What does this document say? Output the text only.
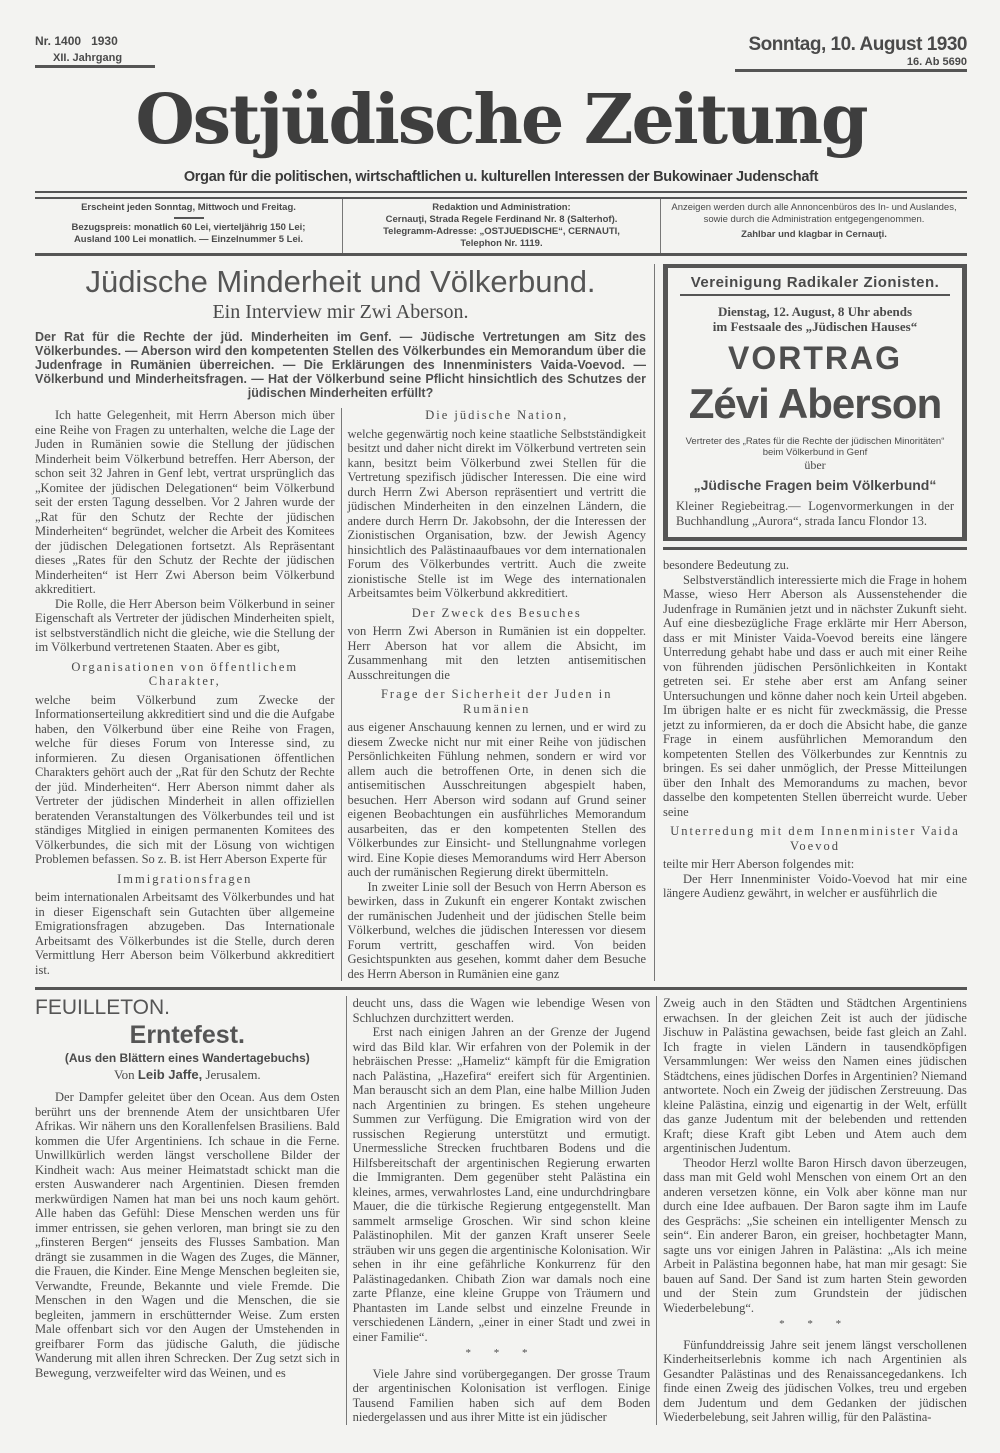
Nr. 1400 1930
XII. Jahrgang
Sonntag, 10. August 1930
16. Ab 5690
Ostjüdische Zeitung
Organ für die politischen, wirtschaftlichen u. kulturellen Interessen der Bukowinaer Judenschaft
Erscheint jeden Sonntag, Mittwoch und Freitag.
Bezugspreis: monatlich 60 Lei, vierteljährig 150 Lei;
Ausland 100 Lei monatlich. — Einzelnummer 5 Lei.
Redaktion und Administration:
Cernauţi, Strada Regele Ferdinand Nr. 8 (Salterhof).
Telegramm-Adresse: „OSTJUEDISCHE“, CERNAUTI,
Telephon Nr. 1119.
Anzeigen werden durch alle Annoncenbüros des In- und Auslandes, sowie durch die Administration entgegengenommen.
Zahlbar und klagbar in Cernauţi.
Jüdische Minderheit und Völkerbund.
Ein Interview mir Zwi Aberson.
Der Rat für die Rechte der jüd. Minderheiten im Genf. — Jüdische Vertretungen am Sitz des Völkerbundes. — Aberson wird den kompetenten Stellen des Völkerbundes ein Memorandum über die Judenfrage in Rumänien überreichen. — Die Erklärungen des Innenministers Vaida-Voevod. — Völkerbund und Minderheitsfragen. — Hat der Völkerbund seine Pflicht hinsichtlich des Schutzes der jüdischen Minderheiten erfüllt?

Ich hatte Gelegenheit, mit Herrn Aberson mich über eine Reihe von Fragen zu unterhalten, welche die Lage der Juden in Rumänien sowie die Stellung der jüdischen Minderheit beim Völkerbund betreffen. Herr Aberson, der schon seit 32 Jahren in Genf lebt, vertrat ursprünglich das „Komitee der jüdischen Delegationen“ beim Völkerbund seit der ersten Tagung desselben. Vor 2 Jahren wurde der „Rat für den Schutz der Rechte der jüdischen Minderheiten“ begründet, welcher die Arbeit des Komitees der jüdischen Delegationen fortsetzt. Als Repräsentant dieses „Rates für den Schutz der Rechte der jüdischen Minderheiten“ ist Herr Zwi Aberson beim Völkerbund akkreditiert.

Die Rolle, die Herr Aberson beim Völkerbund in seiner Eigenschaft als Vertreter der jüdischen Minderheiten spielt, ist selbstverständlich nicht die gleiche, wie die Stellung der im Völkerbund vertretenen Staaten. Aber es gibt,

Organisationen von öffentlichem Charakter,

welche beim Völkerbund zum Zwecke der Informationserteilung akkreditiert sind und die die Aufgabe haben, den Völkerbund über eine Reihe von Fragen, welche für dieses Forum von Interesse sind, zu informieren. Zu diesen Organisationen öffentlichen Charakters gehört auch der „Rat für den Schutz der Rechte der jüd. Minderheiten“. Herr Aberson nimmt daher als Vertreter der jüdischen Minderheit in allen offiziellen beratenden Veranstaltungen des Völkerbundes teil und ist ständiges Mitglied in einigen permanenten Komitees des Völkerbundes, die sich mit der Lösung von wichtigen Problemen befassen. So z. B. ist Herr Aberson Experte für

Immigrationsfragen

beim internationalen Arbeitsamt des Völkerbundes und hat in dieser Eigenschaft sein Gutachten über allgemeine Emigrationsfragen abzugeben. Das Internationale Arbeitsamt des Völkerbundes ist die Stelle, durch deren Vermittlung Herr Aberson beim Völkerbund akkreditiert ist.

Die jüdische Nation,

welche gegenwärtig noch keine staatliche Selbstständigkeit besitzt und daher nicht direkt im Völkerbund vertreten sein kann, besitzt beim Völkerbund zwei Stellen für die Vertretung spezifisch jüdischer Interessen. Die eine wird durch Herrn Zwi Aberson repräsentiert und vertritt die jüdischen Minderheiten in den einzelnen Ländern, die andere durch Herrn Dr. Jakobsohn, der die Interessen der Zionistischen Organisation, bzw. der Jewish Agency hinsichtlich des Palästinaaufbaues vor dem internationalen Forum des Völkerbundes vertritt. Auch die zweite zionistische Stelle ist im Wege des internationalen Arbeitsamtes beim Völkerbund akkreditiert.

Der Zweck des Besuches

von Herrn Zwi Aberson in Rumänien ist ein doppelter. Herr Aberson hat vor allem die Absicht, im Zusammenhang mit den letzten antisemitischen Ausschreitungen die

Frage der Sicherheit der Juden in Rumänien

aus eigener Anschauung kennen zu lernen, und er wird zu diesem Zwecke nicht nur mit einer Reihe von jüdischen Persönlichkeiten Fühlung nehmen, sondern er wird vor allem auch die betroffenen Orte, in denen sich die antisemitischen Ausschreitungen abgespielt haben, besuchen. Herr Aberson wird sodann auf Grund seiner eigenen Beobachtungen ein ausführliches Memorandum ausarbeiten, das er den kompetenten Stellen des Völkerbundes zur Einsicht- und Stellungnahme vorlegen wird. Eine Kopie dieses Memorandums wird Herr Aberson auch der rumänischen Regierung direkt übermitteln.

In zweiter Linie soll der Besuch von Herrn Aberson es bewirken, dass in Zukunft ein engerer Kontakt zwischen der rumänischen Judenheit und der jüdischen Stelle beim Völkerbund, welches die jüdischen Interessen vor diesem Forum vertritt, geschaffen wird. Von beiden Gesichtspunkten aus gesehen, kommt daher dem Besuche des Herrn Aberson in Rumänien eine ganz

Vereinigung Radikaler Zionisten.
Dienstag, 12. August, 8 Uhr abends
im Festsaale des „Jüdischen Hauses“
VORTRAG
Zévi Aberson
Vertreter des „Rates für die Rechte der jüdischen Minoritäten“ beim Völkerbund in Genf
über
„Jüdische Fragen beim Völkerbund“
Kleiner Regiebeitrag.— Logenvormerkungen in der Buchhandlung „Aurora“, strada Iancu Flondor 13.

besondere Bedeutung zu.

Selbstverständlich interessierte mich die Frage in hohem Masse, wieso Herr Aberson als Aussenstehender die Judenfrage in Rumänien jetzt und in nächster Zukunft sieht. Auf eine diesbezügliche Frage erklärte mir Herr Aberson, dass er mit Minister Vaida-Voevod bereits eine längere Unterredung gehabt habe und dass er auch mit einer Reihe von führenden jüdischen Persönlichkeiten in Kontakt getreten sei. Er stehe aber erst am Anfang seiner Untersuchungen und könne daher noch kein Urteil abgeben. Im übrigen halte er es nicht für zweckmässig, die Presse jetzt zu informieren, da er doch die Absicht habe, die ganze Frage in einem ausführlichen Memorandum den kompetenten Stellen des Völkerbundes zur Kenntnis zu bringen. Es sei daher unmöglich, der Presse Mitteilungen über den Inhalt des Memorandums zu machen, bevor dasselbe den kompetenten Stellen überreicht wurde. Ueber seine

Unterredung mit dem Innenminister Vaida Voevod

teilte mir Herr Aberson folgendes mit:

Der Herr Innenminister Voido-Voevod hat mir eine längere Audienz gewährt, in welcher er ausführlich die

FEUILLETON.
Erntefest.
(Aus den Blättern eines Wandertagebuchs)
Von Leib Jaffe, Jerusalem.

Der Dampfer geleitet über den Ocean. Aus dem Osten berührt uns der brennende Atem der unsichtbaren Ufer Afrikas. Wir nähern uns den Korallenfelsen Brasiliens. Bald kommen die Ufer Argentiniens. Ich schaue in die Ferne. Unwillkürlich werden längst verschollene Bilder der Kindheit wach: Aus meiner Heimatstadt schickt man die ersten Auswanderer nach Argentinien. Diesen fremden merkwürdigen Namen hat man bei uns noch kaum gehört. Alle haben das Gefühl: Diese Menschen werden uns für immer entrissen, sie gehen verloren, man bringt sie zu den „finsteren Bergen“ jenseits des Flusses Sambation. Man drängt sie zusammen in die Wagen des Zuges, die Männer, die Frauen, die Kinder. Eine Menge Menschen begleiten sie, Verwandte, Freunde, Bekannte und viele Fremde. Die Menschen in den Wagen und die Menschen, die sie begleiten, jammern in erschütternder Weise. Zum ersten Male offenbart sich vor den Augen der Umstehenden in greifbarer Form das jüdische Galuth, die jüdische Wanderung mit allen ihren Schrecken. Der Zug setzt sich in Bewegung, verzweifelter wird das Weinen, und es

deucht uns, dass die Wagen wie lebendige Wesen von Schluchzen durchzittert werden.

Erst nach einigen Jahren an der Grenze der Jugend wird das Bild klar. Wir erfahren von der Polemik in der hebräischen Presse: „Hameliz“ kämpft für die Emigration nach Palästina, „Hazefira“ ereifert sich für Argentinien. Man berauscht sich an dem Plan, eine halbe Million Juden nach Argentinien zu bringen. Es stehen ungeheure Summen zur Verfügung. Die Emigration wird von der russischen Regierung unterstützt und ermutigt. Unermessliche Strecken fruchtbaren Bodens und die Hilfsbereitschaft der argentinischen Regierung erwarten die Immigranten. Dem gegenüber steht Palästina ein kleines, armes, verwahrlostes Land, eine undurchdringbare Mauer, die die türkische Regierung entgegenstellt. Man sammelt armselige Groschen. Wir sind schon kleine Palästinophilen. Mit der ganzen Kraft unserer Seele sträuben wir uns gegen die argentinische Kolonisation. Wir sehen in ihr eine gefährliche Konkurrenz für den Palästinagedanken. Chibath Zion war damals noch eine zarte Pflanze, eine kleine Gruppe von Träumern und Phantasten im Lande selbst und einzelne Freunde in verschiedenen Ländern, „einer in einer Stadt und zwei in einer Familie“.

* * *

Viele Jahre sind vorübergegangen. Der grosse Traum der argentinischen Kolonisation ist verflogen. Einige Tausend Familien haben sich auf dem Boden niedergelassen und aus ihrer Mitte ist ein jüdischer

Zweig auch in den Städten und Städtchen Argentiniens erwachsen. In der gleichen Zeit ist auch der jüdische Jischuw in Palästina gewachsen, beide fast gleich an Zahl. Ich fragte in vielen Ländern in tausendköpfigen Versammlungen: Wer weiss den Namen eines jüdischen Städtchens, eines jüdischen Dorfes in Argentinien? Niemand antwortete. Noch ein Zweig der jüdischen Zerstreuung. Das kleine Palästina, einzig und eigenartig in der Welt, erfüllt das ganze Judentum mit der belebenden und rettenden Kraft; diese Kraft gibt Leben und Atem auch dem argentinischen Judentum.

Theodor Herzl wollte Baron Hirsch davon überzeugen, dass man mit Geld wohl Menschen von einem Ort an den anderen versetzen könne, ein Volk aber könne man nur durch eine Idee aufbauen. Der Baron sagte ihm im Laufe des Gesprächs: „Sie scheinen ein intelligenter Mensch zu sein“. Ein anderer Baron, ein greiser, hochbetagter Mann, sagte uns vor einigen Jahren in Palästina: „Als ich meine Arbeit in Palästina begonnen habe, hat man mir gesagt: Sie bauen auf Sand. Der Sand ist zum harten Stein geworden und der Stein zum Grundstein der jüdischen Wiederbelebung“.

* * *

Fünfunddreissig Jahre seit jenem längst verschollenen Kinderheitserlebnis komme ich nach Argentinien als Gesandter Palästinas und des Renaissancegedankens. Ich finde einen Zweig des jüdischen Volkes, treu und ergeben dem Judentum und dem Gedanken der jüdischen Wiederbelebung, seit Jahren willig, für den Palästina-
